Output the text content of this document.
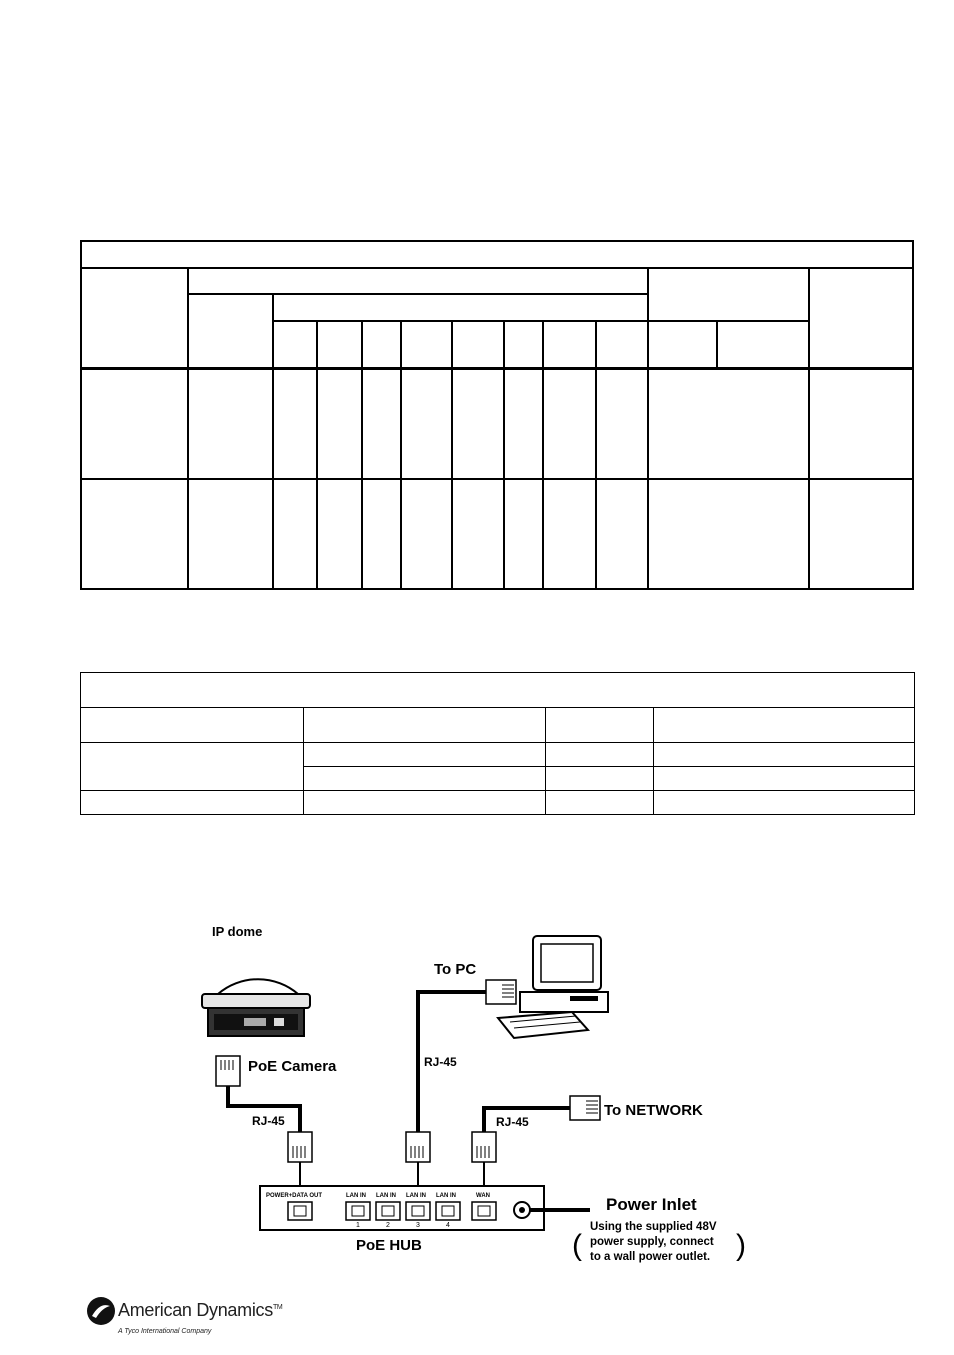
IP dome
PoE Camera
RJ-45
To PC
RJ-45
To NETWORK
RJ-45
POWER+DATA OUT	LAN IN LAN IN LAN IN LAN IN	WAN
1	2	3	4
PoE HUB
Power Inlet
(
Using the supplied 48V
power supply, connect
to a wall power outlet. )
American Dynamics™
A Tyco International Company
